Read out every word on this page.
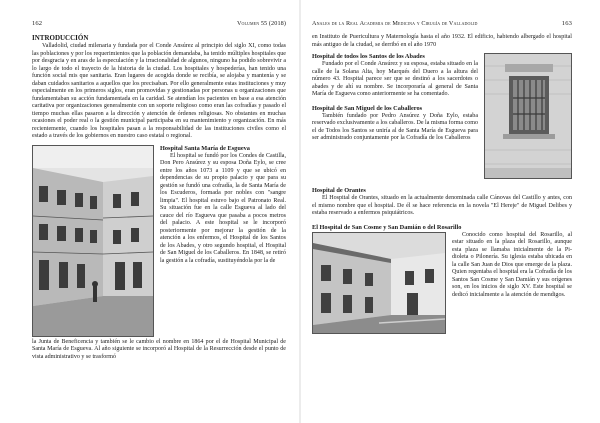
162	Volumen 55 (2018)
INTRODUCCIÓN

Valladolid, ciudad milenaria y fundada por el Conde Ansúrez al principio del siglo XI, como todas las poblaciones y por los requerimientos que la población demandaba, ha tenido múltiples hospitales que por desgracia y en aras de la especulación y la irracionalidad de algunos, ninguno ha podido sobrevivir a lo largo de todo el trayecto de la historia de la ciudad. Los hospitales y hospederías, han tenido una función social mis que sanitaria. Eran lugares de acogida donde se recibía, se alojaba y mantenía y se daban cuidados sanitarios a aquellos que los precisaban. Por ello generalmente estas instituciones y muy especialmente en los primeros siglos, eran promovidas y gestionadas por personas u organizaciones que fundamentaban su acción fundamentada en la caridad. Se atendían los pacientes en base a esa atención caritativa por organizaciones generalmente con un soporte religioso como eran las cofradías y pasado el tiempo muchas ellas pasaron a la dirección y atención de órdenes religiosas. No obstantes en muchas ocasiones el poder real o la gestión municipal participaba en su mantenimiento y organización. En más recientemente, cuando los hospitales pasan a la responsabilidad de las instituciones civiles como el estado a través de los gobiernos en nuestro caso estatal o regional.

Hospital Santa María de Esgueva

El hospital se fundó por los Condes de Castilla, Don Pero Ansúrez y su esposa Doña Eylo, se cree entre los años 1073 a 1109 y que se ubicó en dependencias de su propio palacio y que para su gestión se fundó una cofradía, la de Santa María de los Escuderos, formada por nobles con "sangre limpia". El hospital estuvo bajo el Patronato Real. Su situación fue en la calle Esgueva al lado del cauce del río Esgueva que pasaba a pocos metros del palacio. A este hospital se le incorporó posteriormente por mejorar la gestión de la atención a los enfermos, el Hospital de los Santos de los Abades, y otro segundo hospital, el Hospital de San Miguel de los Caballeros. En 1848, se retiró la gestión a la cofradía, sustituyéndola por la de

la Junta de Beneficencia y también se le cambio el nombre en 1864 por el de Hospital Municipal de Santa María de Esgueva. Al año siguiente se incorporó al Hospital de la Resurrección desde el punto de vista administrativo y se trasformó

Anales de la Real Academia de Medicina y Cirugía de Valladolid	163

en Instituto de Puericultura y Maternología hasta el año 1932. El edificio, habiendo albergado el hospital más antiguo de la ciudad, se derribó en el año 1970

Hospital de todos los Santos de los Abades

Fundado por el Conde Ansúrez y su esposa, estaba situado en la calle de la Solana Alta, hoy Marqués del Duero a la altura del número 43. Hospital parece ser que se destinó a los sacerdotes o abades y de ahí su nombre. Se incorporaría al general de Santa María de Esgueva como anteriormente se ha comentado.

Hospital de San Miguel de los Caballeros

También fundado por Pedro Ansúrez y Doña Eylo, estaba reservado exclusivamente a los caballeros. De la misma forma como el de Todos los Santos se uniría al de Santa María de Esgueva para ser administrado conjuntamente por la Cofradía de los Caballeros

Hospital de Orantes

El Hospital de Orantes, situado en la actualmente denominada calle Cánovas del Castillo y antes, con el mismo nombre que el hospital. De él se hace referencia en la novela "El Hereje" de Miguel Delibes y estaba reservado a enfermos psiquiátricos.

El Hospital de San Cosme y San Damián o del Rosarillo

Conocido como hospital del Rosarillo, al estar situado en la plaza del Rosarillo, aunque esta plaza se llamaba inicialmente de la Pi-dioleta o Pilonería. Su iglesia estaba ubicada en la calle San Juan de Dios que emerge de la plaza. Quien regentaba el hospital era la Cofradía de los Santos San Cosme y San Damián y sus orígenes son, en los inicios de siglo XV. Este hospital se dedicó inicialmente a la atención de mendigos.
